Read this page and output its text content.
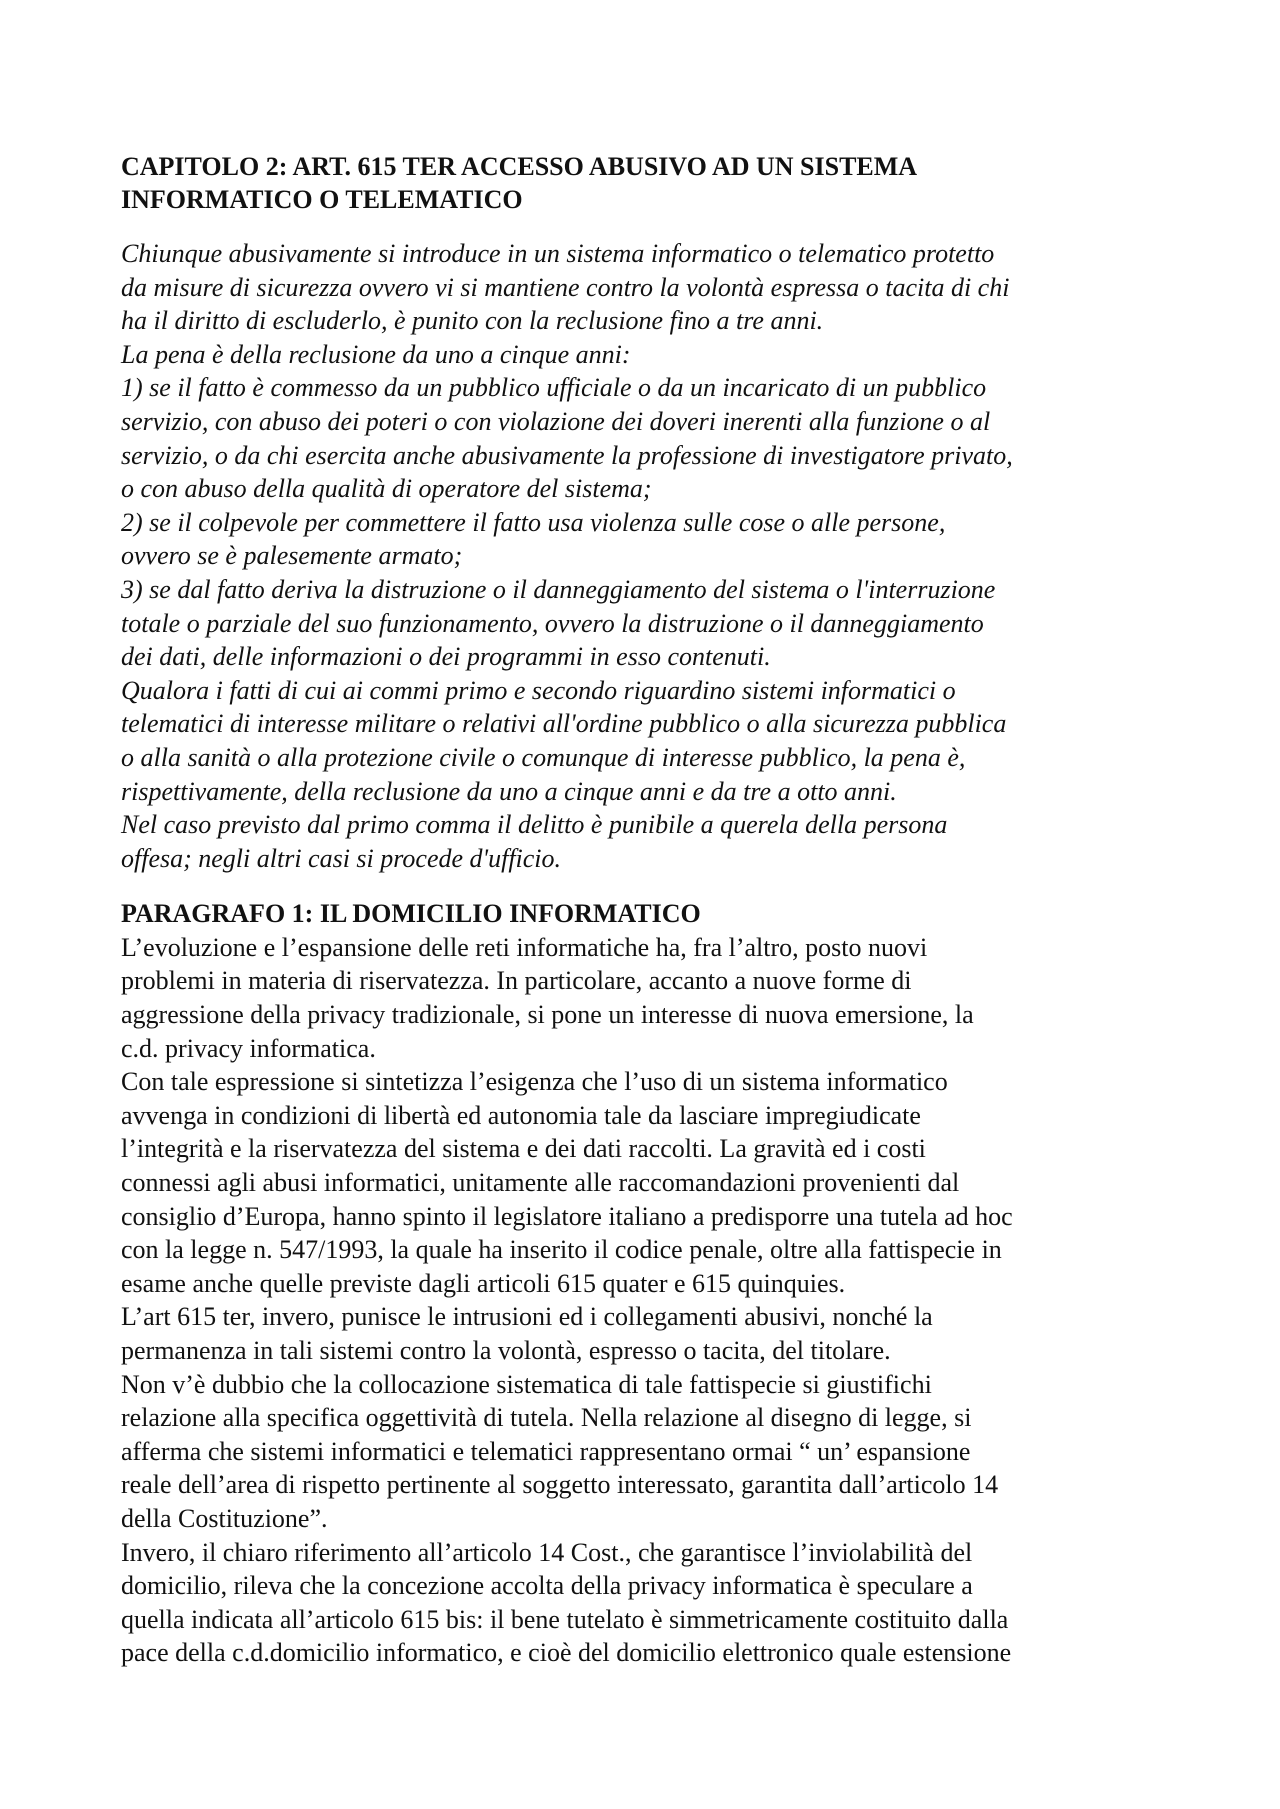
CAPITOLO 2: ART. 615 TER ACCESSO ABUSIVO AD UN SISTEMA
INFORMATICO O TELEMATICO
Chiunque abusivamente si introduce in un sistema informatico o telematico protetto
da misure di sicurezza ovvero vi si mantiene contro la volontà espressa o tacita di chi
ha il diritto di escluderlo, è punito con la reclusione fino a tre anni.
La pena è della reclusione da uno a cinque anni:
1) se il fatto è commesso da un pubblico ufficiale o da un incaricato di un pubblico
servizio, con abuso dei poteri o con violazione dei doveri inerenti alla funzione o al
servizio, o da chi esercita anche abusivamente la professione di investigatore privato,
o con abuso della qualità di operatore del sistema;
2) se il colpevole per commettere il fatto usa violenza sulle cose o alle persone,
ovvero se è palesemente armato;
3) se dal fatto deriva la distruzione o il danneggiamento del sistema o l'interruzione
totale o parziale del suo funzionamento, ovvero la distruzione o il danneggiamento
dei dati, delle informazioni o dei programmi in esso contenuti.
Qualora i fatti di cui ai commi primo e secondo riguardino sistemi informatici o
telematici di interesse militare o relativi all'ordine pubblico o alla sicurezza pubblica
o alla sanità o alla protezione civile o comunque di interesse pubblico, la pena è,
rispettivamente, della reclusione da uno a cinque anni e da tre a otto anni.
Nel caso previsto dal primo comma il delitto è punibile a querela della persona
offesa; negli altri casi si procede d'ufficio.
PARAGRAFO 1: IL DOMICILIO INFORMATICO
L’evoluzione e l’espansione delle reti informatiche ha, fra l’altro, posto nuovi
problemi in materia di riservatezza. In particolare, accanto a nuove forme di
aggressione della privacy tradizionale, si pone un interesse di nuova emersione, la
c.d. privacy informatica.
Con tale espressione si sintetizza l’esigenza che l’uso di un sistema informatico
avvenga in condizioni di libertà ed autonomia tale da lasciare impregiudicate
l’integrità e la riservatezza del sistema e dei dati raccolti. La gravità ed i costi
connessi agli abusi informatici, unitamente alle raccomandazioni provenienti dal
consiglio d’Europa, hanno spinto il legislatore italiano a predisporre una tutela ad hoc
con la legge n. 547/1993, la quale ha inserito il codice penale, oltre alla fattispecie in
esame anche quelle previste dagli articoli 615 quater e 615 quinquies.
L’art 615 ter, invero, punisce le intrusioni ed i collegamenti abusivi, nonché la
permanenza in tali sistemi contro la volontà, espresso o tacita, del titolare.
Non v’è dubbio che la collocazione sistematica di tale fattispecie si giustifichi
relazione alla specifica oggettività di tutela. Nella relazione al disegno di legge, si
afferma che sistemi informatici e telematici rappresentano ormai “ un’ espansione
reale dell’area di rispetto pertinente al soggetto interessato, garantita dall’articolo 14
della Costituzione”.
Invero, il chiaro riferimento all’articolo 14 Cost., che garantisce l’inviolabilità del
domicilio, rileva che la concezione accolta della privacy informatica è speculare a
quella indicata all’articolo 615 bis: il bene tutelato è simmetricamente costituito dalla
pace della c.d.domicilio informatico, e cioè del domicilio elettronico quale estensione
